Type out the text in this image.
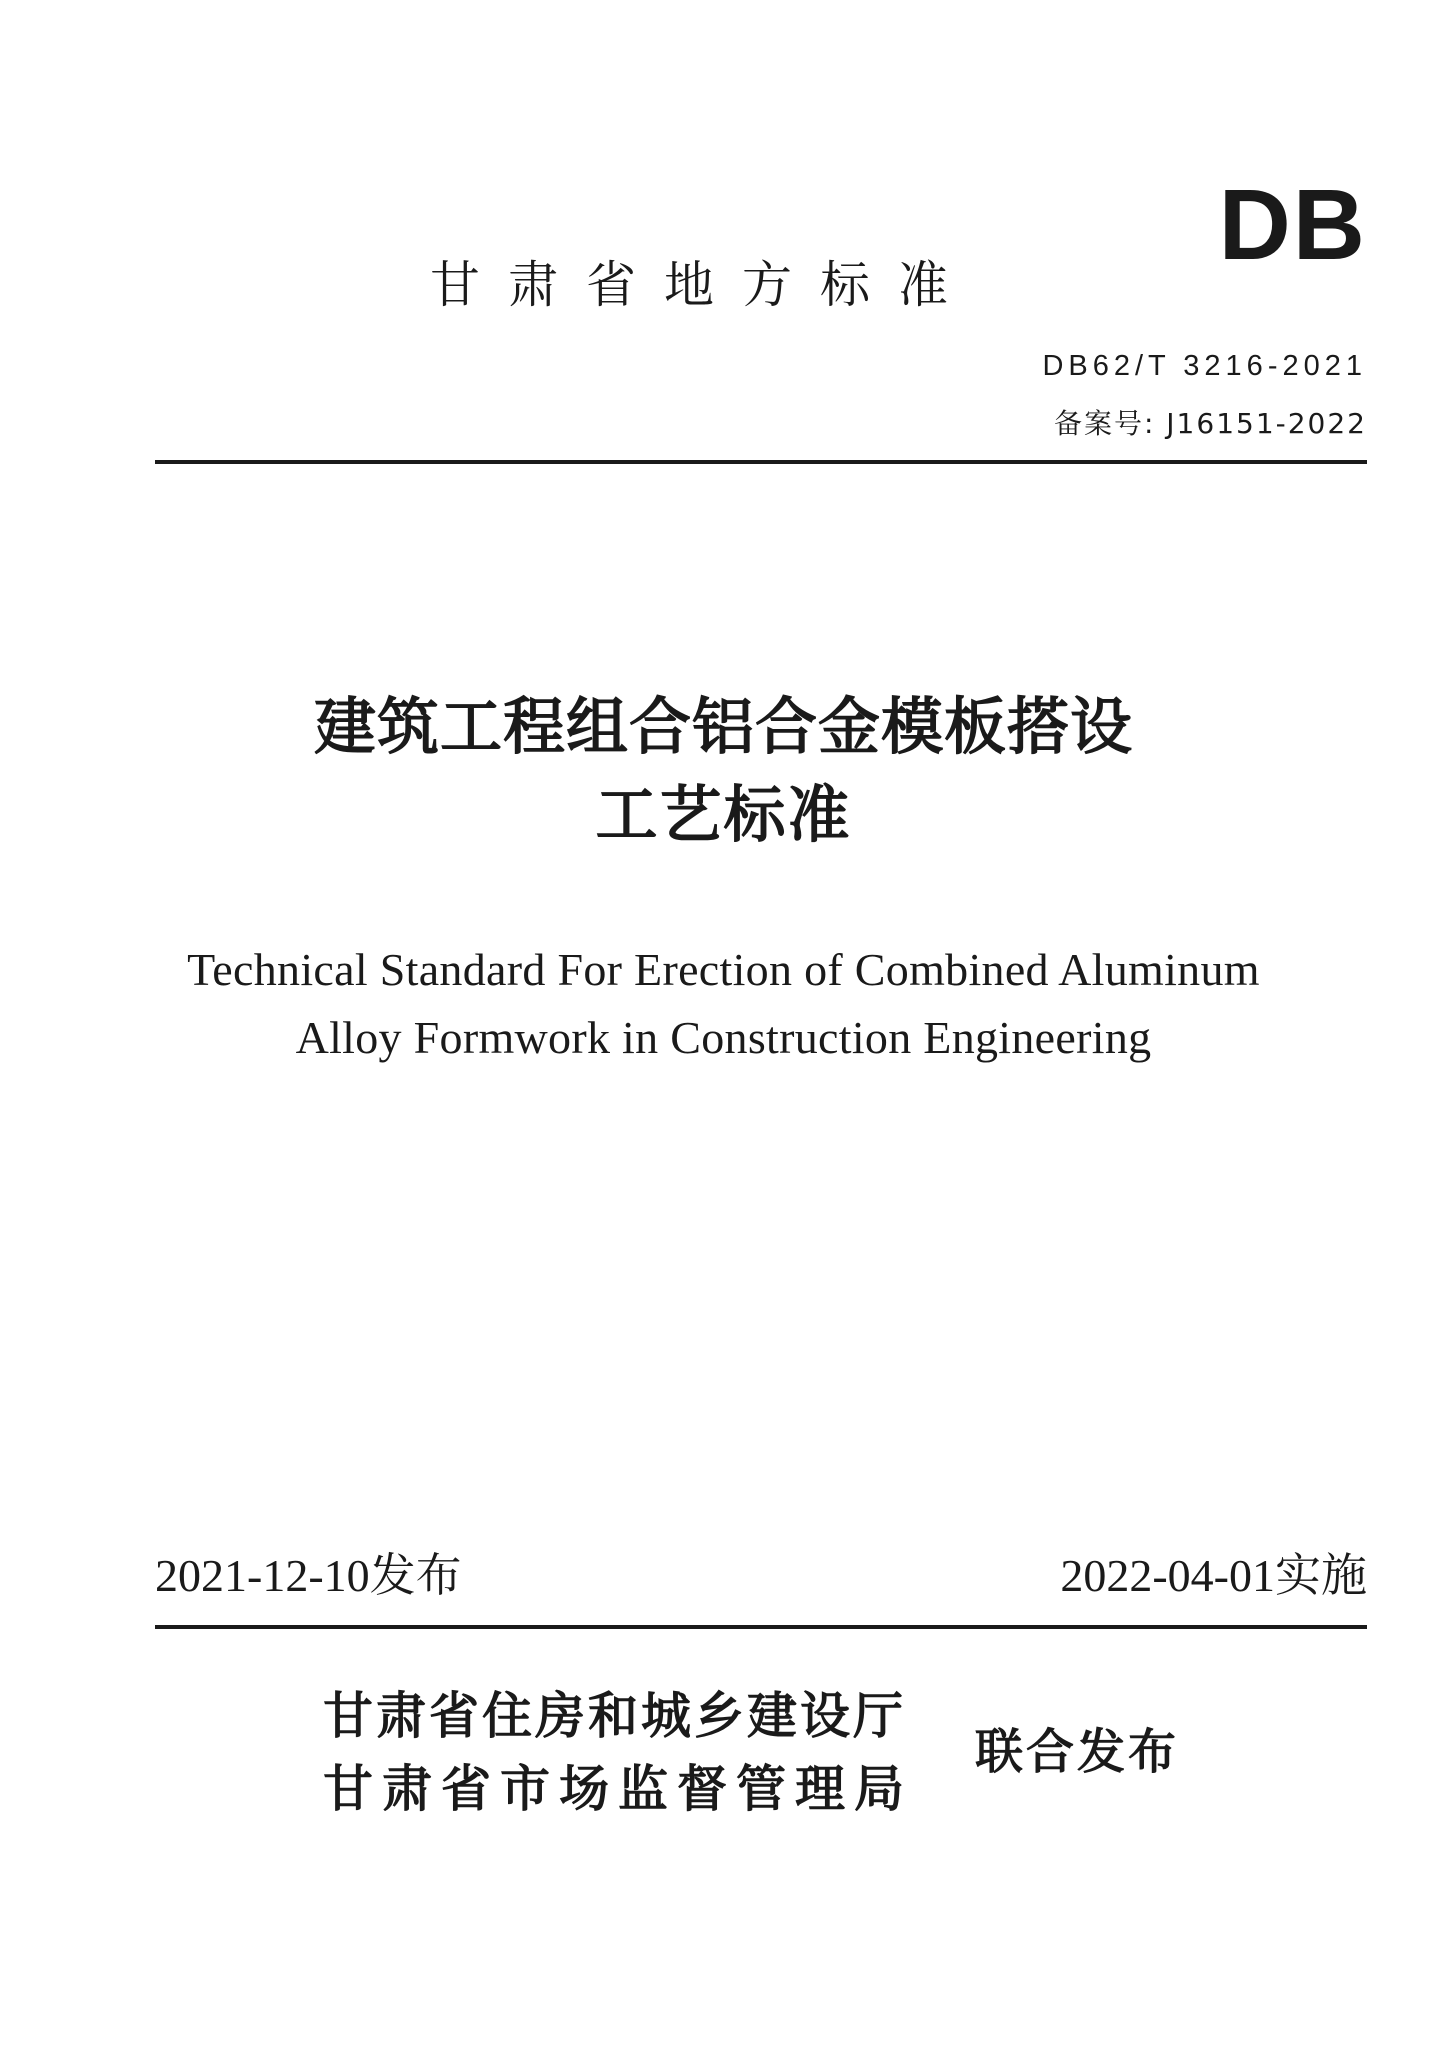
DB
甘肃省地方标准
DB62/T 3216-2021
备案号: J16151-2022
建筑工程组合铝合金模板搭设
工艺标准
Technical Standard For Erection of Combined Aluminum
Alloy Formwork in Construction Engineering
2021-12-10发布	2022-04-01实施
甘肃省住房和城乡建设厅
甘肃省市场监督管理局
联合发布
